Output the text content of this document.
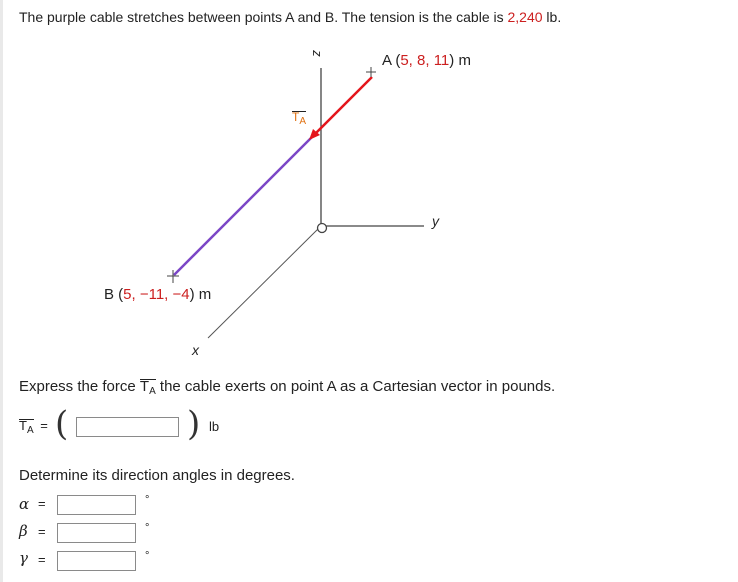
The purple cable stretches between points A and B. The tension is the cable is 2,240 lb.
z
y
x
$T_A$
A (5, 8, 11) m
B (5, −11, −4) m
Express the force
$T_A$ the cable exerts on point A as a Cartesian vector in pounds.
$T_A$ = (	) lb
Determine its direction angles in degrees.
α =	°
β =	°
γ =	°
